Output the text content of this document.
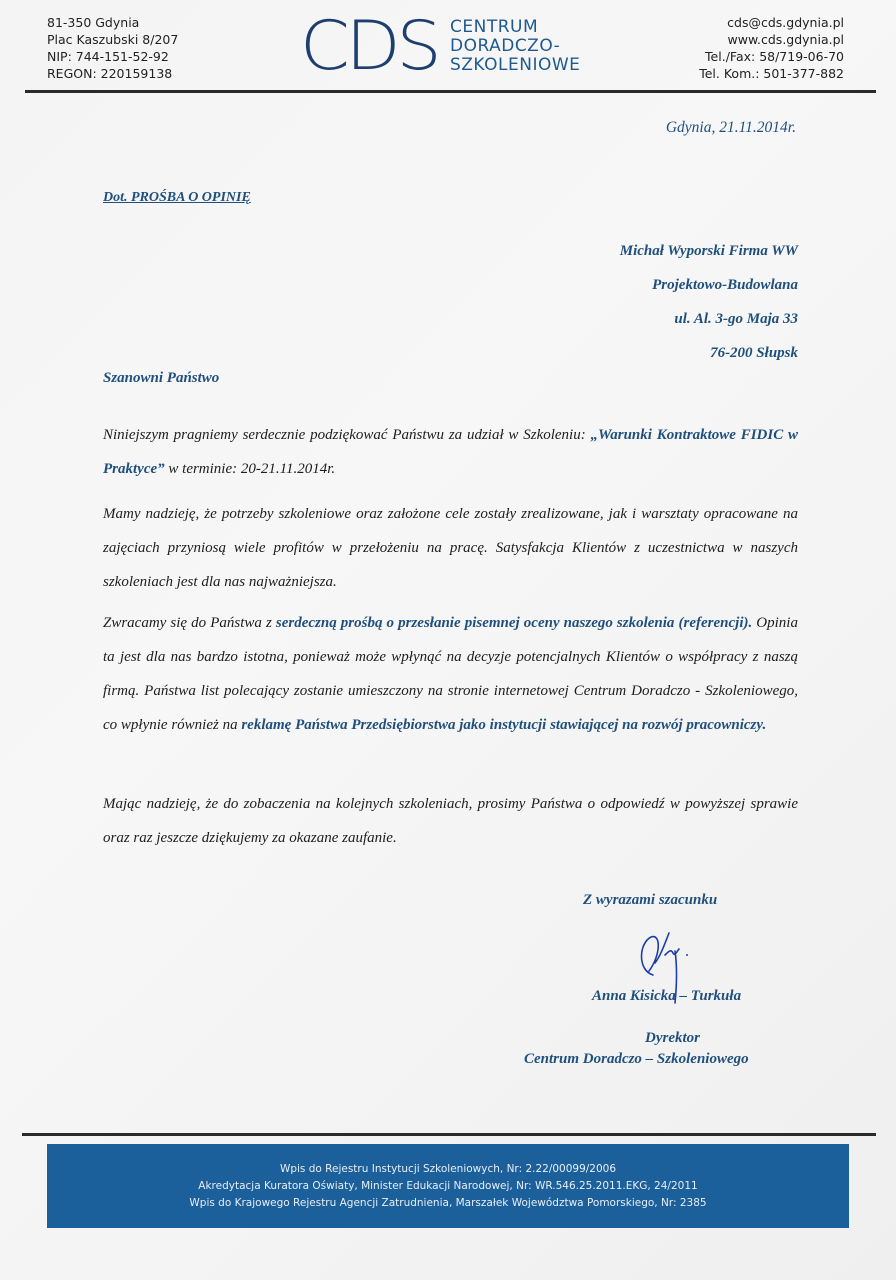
81-350 Gdynia
Plac Kaszubski 8/207
NIP: 744-151-52-92
REGON: 220159138 CDS CENTRUM
DORADCZO-
SZKOLENIOWE
cds@cds.gdynia.pl
www.cds.gdynia.pl
Tel./Fax: 58/719-06-70
Tel. Kom.: 501-377-882
Gdynia, 21.11.2014r.
Dot. PROŚBA O OPINIĘ
Michał Wyporski Firma WW
Projektowo-Budowlana
ul. Al. 3-go Maja 33
76-200 Słupsk
Szanowni Państwo
Niniejszym pragniemy serdecznie podziękować Państwu za udział w Szkoleniu: „Warunki Kontraktowe FIDIC w Praktyce” w terminie: 20-21.11.2014r.
Mamy nadzieję, że potrzeby szkoleniowe oraz założone cele zostały zrealizowane, jak i warsztaty opracowane na zajęciach przyniosą wiele profitów w przełożeniu na pracę. Satysfakcja Klientów z uczestnictwa w naszych szkoleniach jest dla nas najważniejsza.
Zwracamy się do Państwa z serdeczną prośbą o przesłanie pisemnej oceny naszego szkolenia (referencji). Opinia ta jest dla nas bardzo istotna, ponieważ może wpłynąć na decyzje potencjalnych Klientów o współpracy z naszą firmą. Państwa list polecający zostanie umieszczony na stronie internetowej Centrum Doradczo - Szkoleniowego, co wpłynie również na reklamę Państwa Przedsiębiorstwa jako instytucji stawiającej na rozwój pracowniczy.
Mając nadzieję, że do zobaczenia na kolejnych szkoleniach, prosimy Państwa o odpowiedź w powyższej sprawie oraz raz jeszcze dziękujemy za okazane zaufanie.
Z wyrazami szacunku
Anna Kisicka – Turkuła
Dyrektor
Centrum Doradczo – Szkoleniowego
Wpis do Rejestru Instytucji Szkoleniowych, Nr: 2.22/00099/2006
Akredytacja Kuratora Oświaty, Minister Edukacji Narodowej, Nr: WR.546.25.2011.EKG, 24/2011
Wpis do Krajowego Rejestru Agencji Zatrudnienia, Marszałek Województwa Pomorskiego, Nr: 2385
